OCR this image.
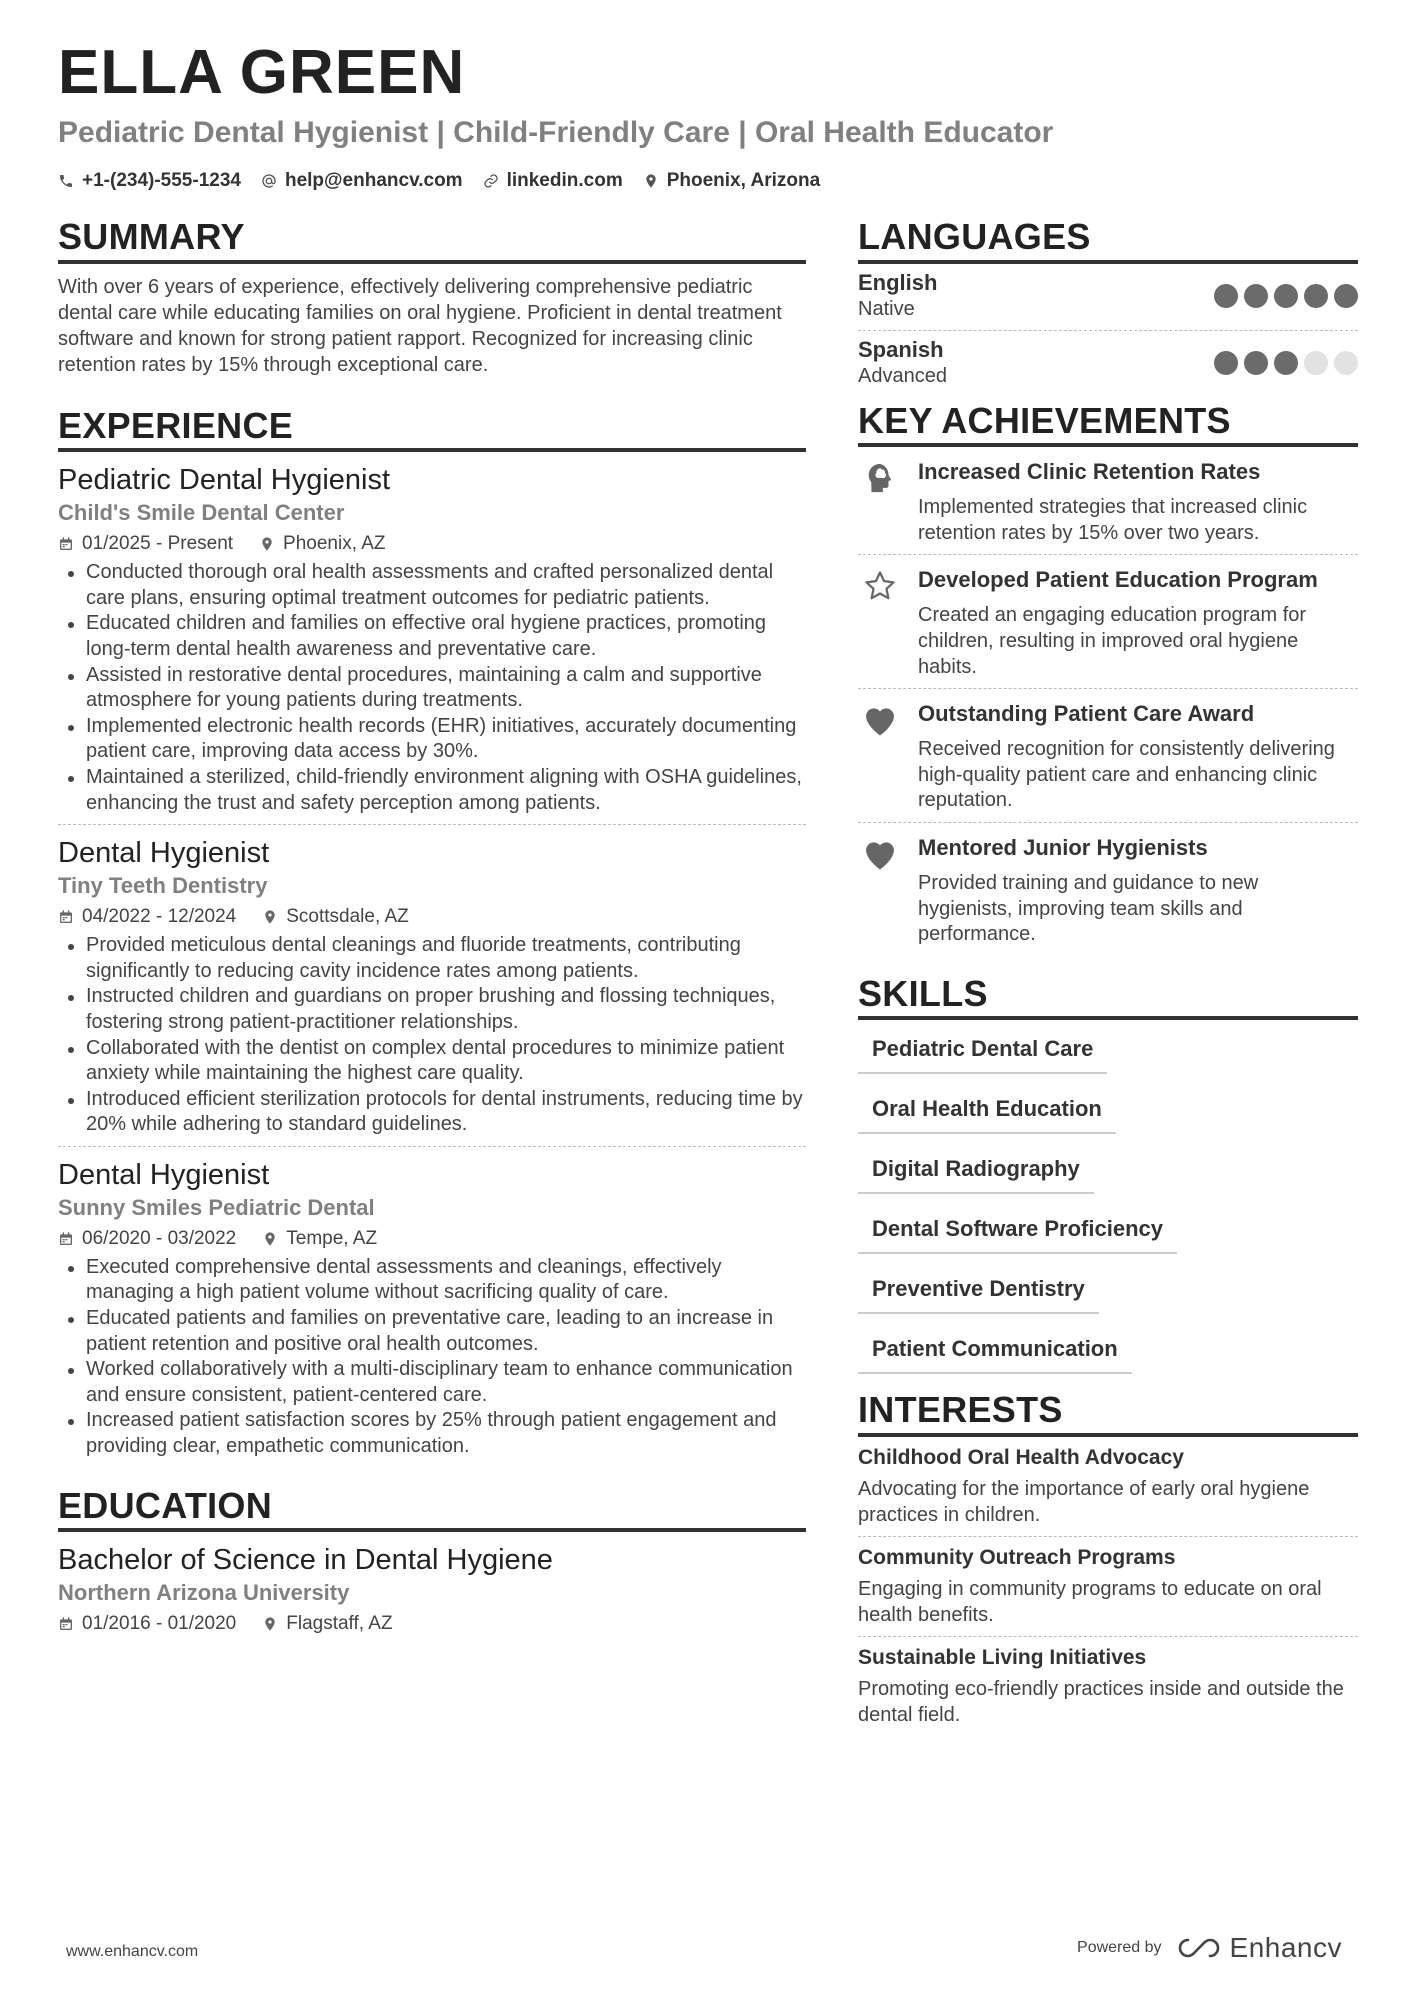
ELLA GREEN
Pediatric Dental Hygienist | Child-Friendly Care | Oral Health Educator
+1-(234)-555-1234 help@enhancv.com linkedin.com Phoenix, Arizona
SUMMARY

With over 6 years of experience, effectively delivering comprehensive pediatric dental care while educating families on oral hygiene. Proficient in dental treatment software and known for strong patient rapport. Recognized for increasing clinic retention rates by 15% through exceptional care.

EXPERIENCE
Pediatric Dental Hygienist
Child's Smile Dental Center
01/2025 - Present	Phoenix, AZ
Conducted thorough oral health assessments and crafted personalized dental care plans, ensuring optimal treatment outcomes for pediatric patients.
Educated children and families on effective oral hygiene practices, promoting long-term dental health awareness and preventative care.
Assisted in restorative dental procedures, maintaining a calm and supportive atmosphere for young patients during treatments.
Implemented electronic health records (EHR) initiatives, accurately documenting patient care, improving data access by 30%.
Maintained a sterilized, child-friendly environment aligning with OSHA guidelines, enhancing the trust and safety perception among patients.
Dental Hygienist
Tiny Teeth Dentistry
04/2022 - 12/2024	Scottsdale, AZ
Provided meticulous dental cleanings and fluoride treatments, contributing significantly to reducing cavity incidence rates among patients.
Instructed children and guardians on proper brushing and flossing techniques, fostering strong patient-practitioner relationships.
Collaborated with the dentist on complex dental procedures to minimize patient anxiety while maintaining the highest care quality.
Introduced efficient sterilization protocols for dental instruments, reducing time by 20% while adhering to standard guidelines.
Dental Hygienist
Sunny Smiles Pediatric Dental
06/2020 - 03/2022	Tempe, AZ
Executed comprehensive dental assessments and cleanings, effectively managing a high patient volume without sacrificing quality of care.
Educated patients and families on preventative care, leading to an increase in patient retention and positive oral health outcomes.
Worked collaboratively with a multi-disciplinary team to enhance communication and ensure consistent, patient-centered care.
Increased patient satisfaction scores by 25% through patient engagement and providing clear, empathetic communication.
EDUCATION
Bachelor of Science in Dental Hygiene
Northern Arizona University
01/2016 - 01/2020	Flagstaff, AZ
LANGUAGES
English
Native
Spanish
Advanced
KEY ACHIEVEMENTS
Increased Clinic Retention Rates
Implemented strategies that increased clinic retention rates by 15% over two years.
Developed Patient Education Program
Created an engaging education program for children, resulting in improved oral hygiene habits.
Outstanding Patient Care Award
Received recognition for consistently delivering high-quality patient care and enhancing clinic reputation.
Mentored Junior Hygienists
Provided training and guidance to new hygienists, improving team skills and performance.
SKILLS
Pediatric Dental Care
Oral Health Education
Digital Radiography
Dental Software Proficiency
Preventive Dentistry
Patient Communication
INTERESTS
Childhood Oral Health Advocacy
Advocating for the importance of early oral hygiene practices in children.
Community Outreach Programs
Engaging in community programs to educate on oral health benefits.
Sustainable Living Initiatives
Promoting eco-friendly practices inside and outside the dental field.
www.enhancv.com	Powered by Enhancv
